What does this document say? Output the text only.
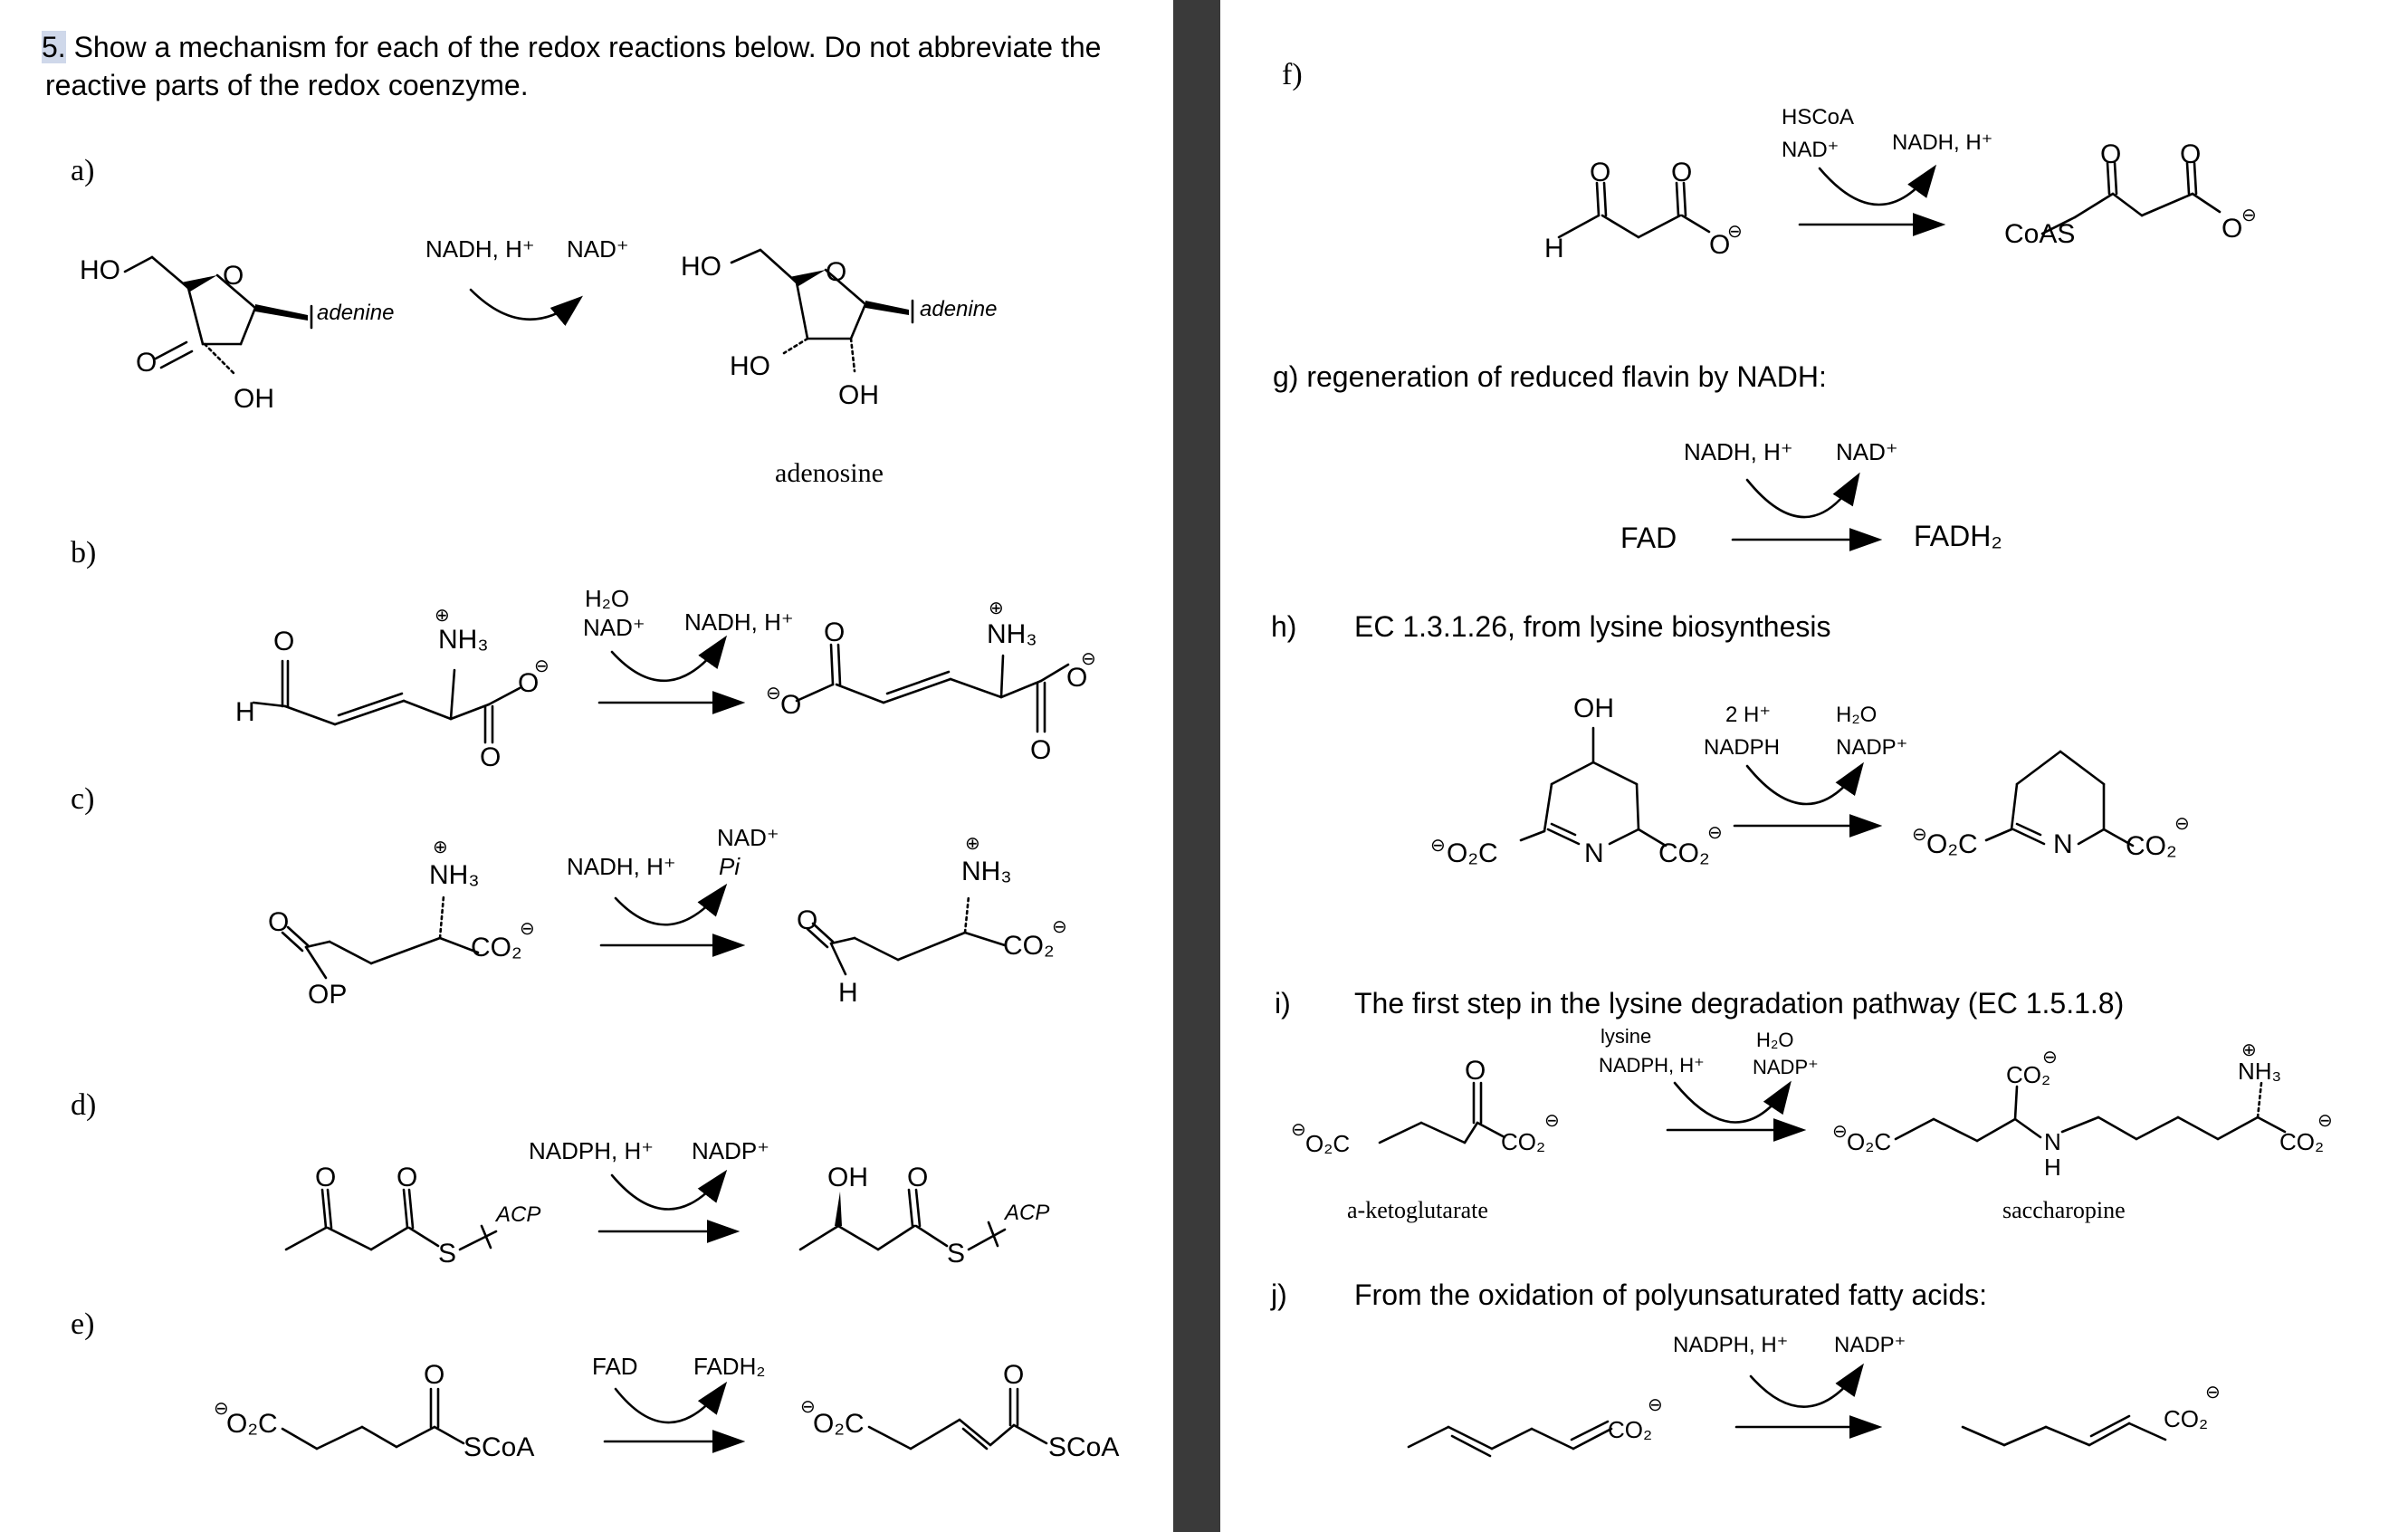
5. Show a mechanism for each of the redox reactions below. Do not abbreviate the
reactive parts of the redox coenzyme.
a)
NADH, H⁺ NAD⁺
HO	O
O
OH
adenine
HO	O
HO
OH
adenine
adenosine
b)
H₂O
NAD⁺ NADH, H⁺
O
H
⊕
NH₃
O
⊖
O
⊖ O
O
⊕
NH₃
O
⊖
O
c)
NADH, H⁺
NAD⁺
Pi
⊕
NH₃
O
OP
CO₂
⊖
⊕
NH₃
O
H
CO₂
⊖
d)
NADPH, H⁺ NADP⁺
O O
S
ACP
OH O
S
ACP
e)
FAD FADH₂
⊖
O₂C
O
SCoA
⊖
O₂C
O
SCoA
f)
HSCoA
NAD⁺ NADH, H⁺
H
O O
O
⊖	CoAS
O O
O
⊖
g) regeneration of reduced flavin by NADH:
NADH, H⁺ NAD⁺
FAD	FADH₂
h) EC 1.3.1.26, from lysine biosynthesis
2 H⁺
NADPH
H₂O
NADP⁺
OH
⊖ O₂C	N CO₂
⊖	⊖ O₂C	N CO₂
⊖
i) The first step in the lysine degradation pathway (EC 1.5.1.8)
lysine
NADPH, H⁺
H₂O
NADP⁺
⊖ O₂C
O
CO₂
⊖
a-ketoglutarate
⊖ O₂C
CO₂
⊖
N
H
⊕
NH₃
CO₂
⊖
saccharopine
j) From the oxidation of polyunsaturated fatty acids:
NADPH, H⁺ NADP⁺
CO₂
⊖	CO₂
⊖
